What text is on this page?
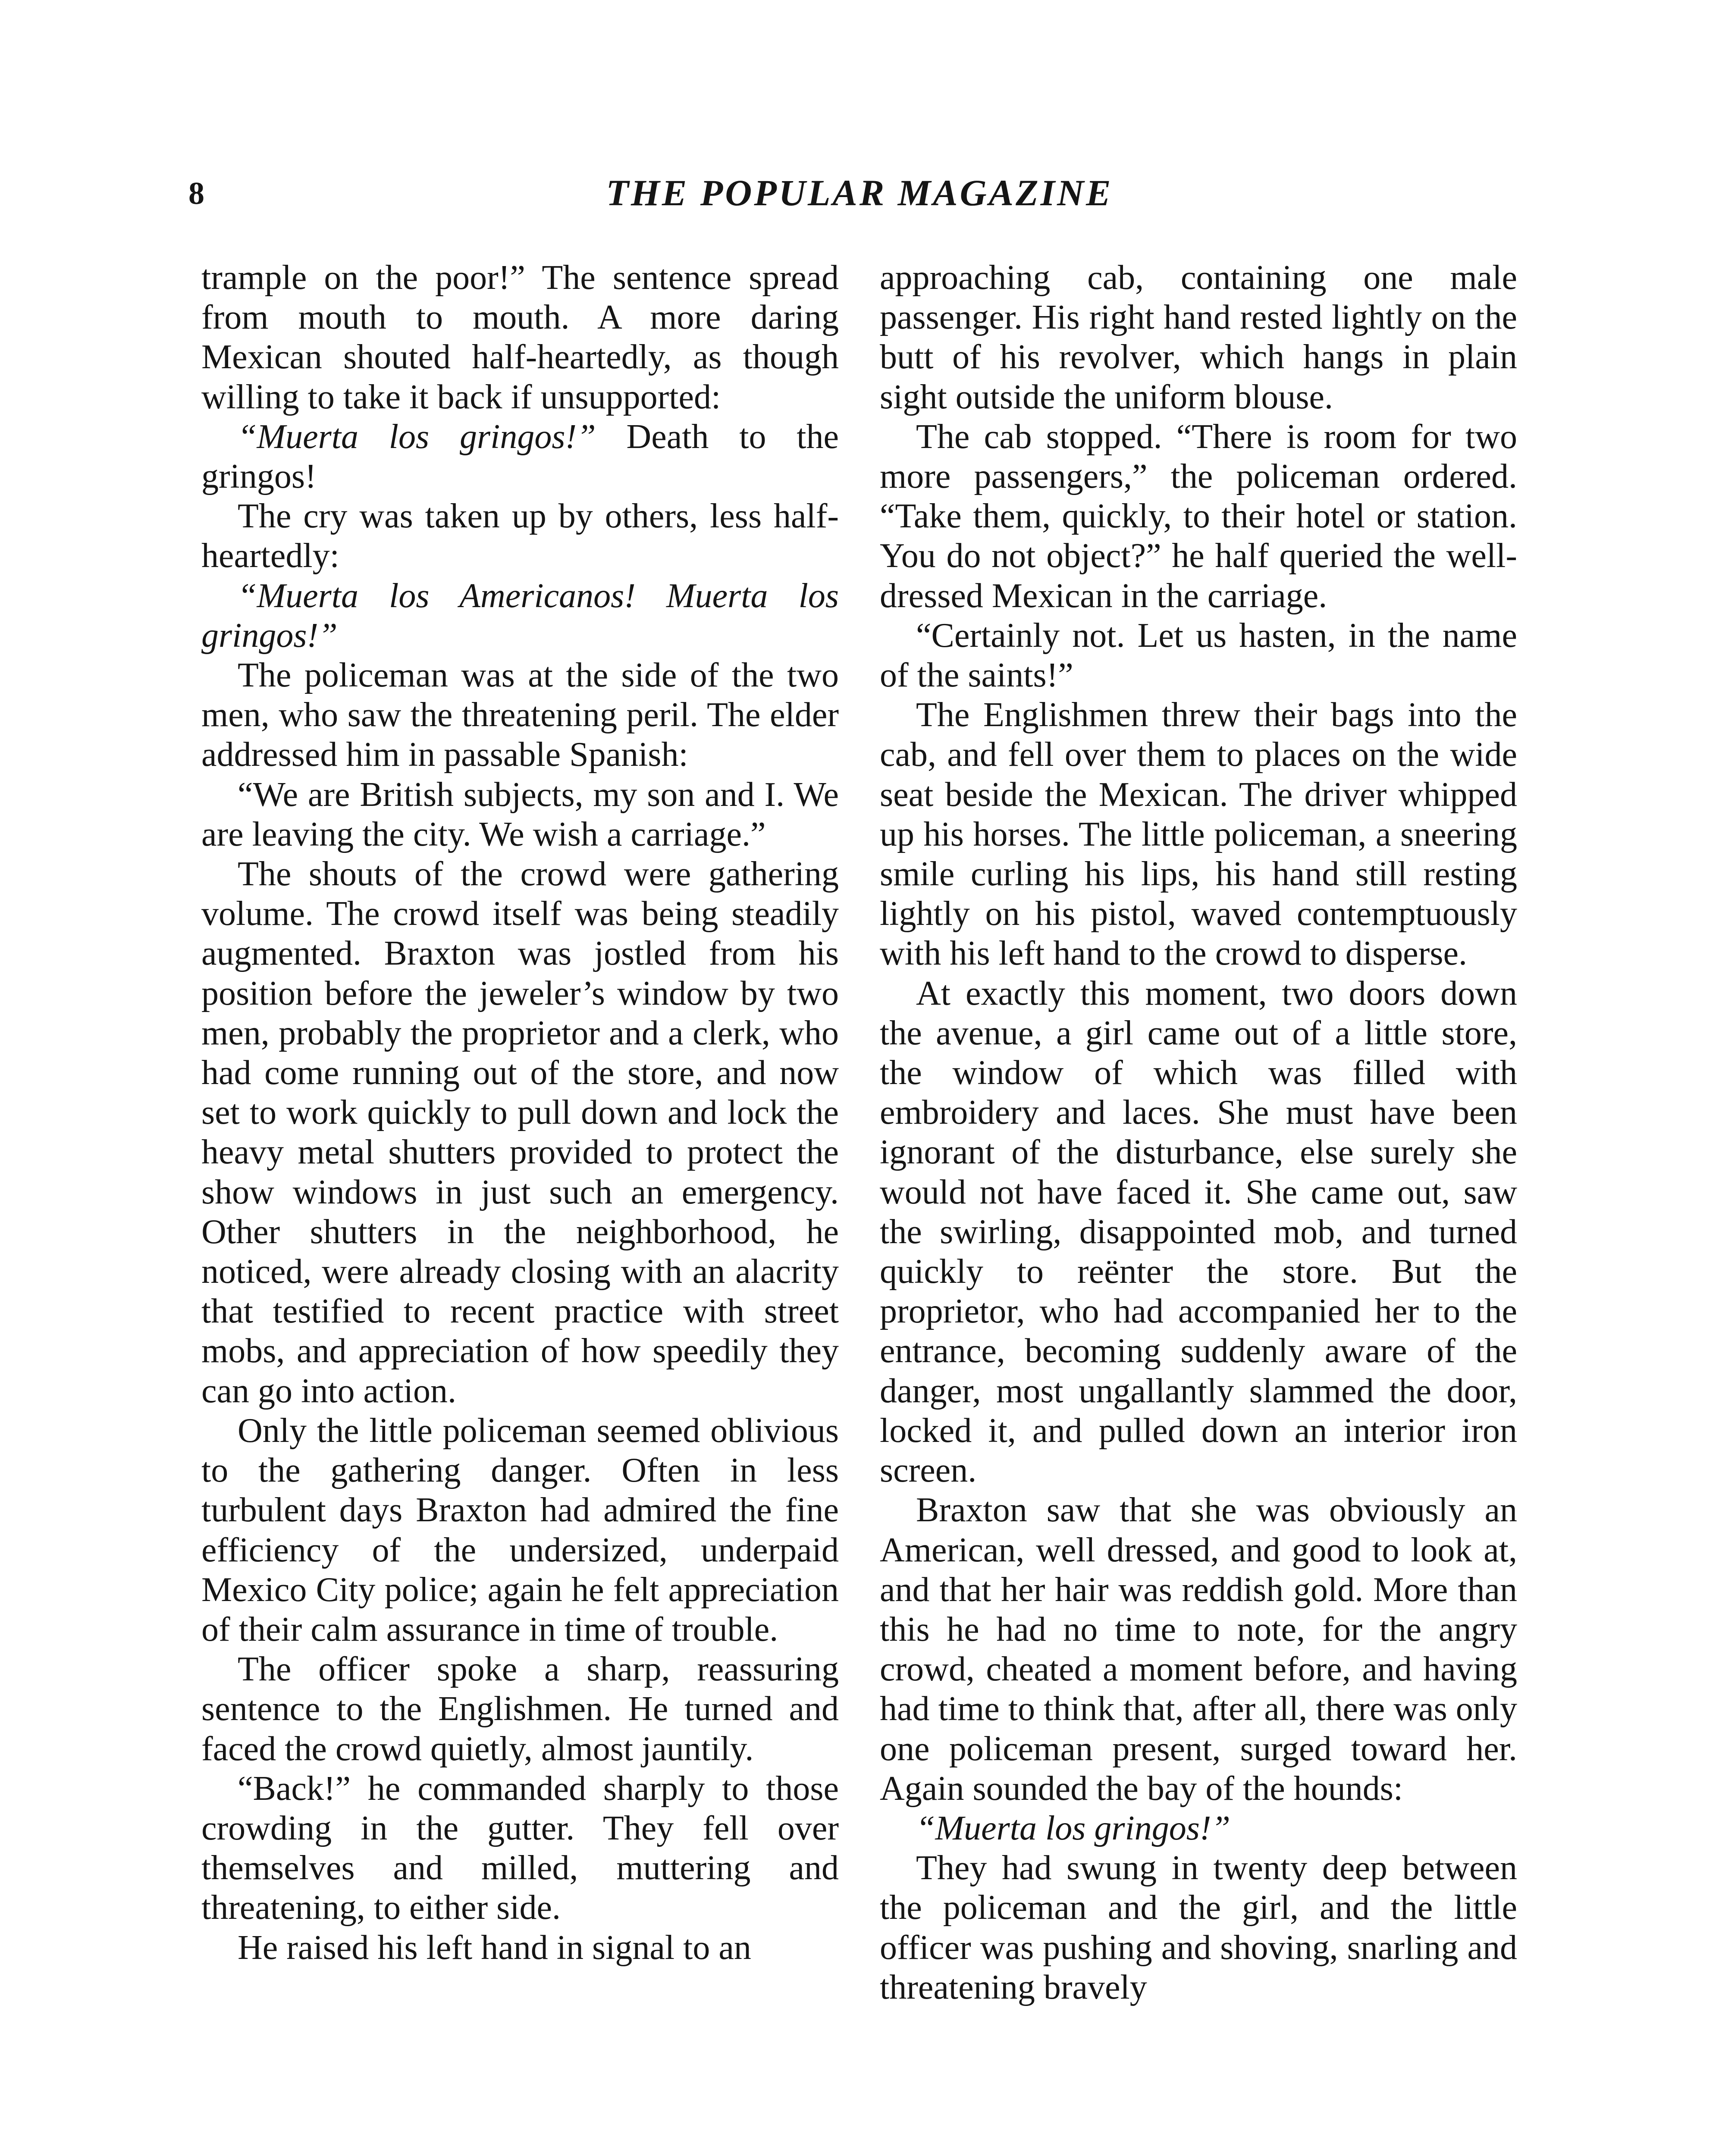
8	THE POPULAR MAGAZINE

trample on the poor!” The sentence spread from mouth to mouth. A more daring Mexican shouted half-heartedly, as though willing to take it back if unsupported:

“Muerta los gringos!” Death to the gringos!

The cry was taken up by others, less half-heartedly:

“Muerta los Americanos! Muerta los gringos!”

The policeman was at the side of the two men, who saw the threatening peril. The elder addressed him in passable Spanish:

“We are British subjects, my son and I. We are leaving the city. We wish a carriage.”

The shouts of the crowd were gathering volume. The crowd itself was being steadily augmented. Braxton was jostled from his position before the jeweler’s window by two men, probably the proprietor and a clerk, who had come running out of the store, and now set to work quickly to pull down and lock the heavy metal shutters provided to protect the show windows in just such an emergency. Other shutters in the neighborhood, he noticed, were already closing with an alacrity that testified to recent practice with street mobs, and appreciation of how speedily they can go into action.

Only the little policeman seemed oblivious to the gathering danger. Often in less turbulent days Braxton had admired the fine efficiency of the undersized, underpaid Mexico City police; again he felt appreciation of their calm assurance in time of trouble.

The officer spoke a sharp, reassuring sentence to the Englishmen. He turned and faced the crowd quietly, almost jauntily.

“Back!” he commanded sharply to those crowding in the gutter. They fell over themselves and milled, muttering and threatening, to either side.

He raised his left hand in signal to an

approaching cab, containing one male passenger. His right hand rested lightly on the butt of his revolver, which hangs in plain sight outside the uniform blouse.

The cab stopped. “There is room for two more passengers,” the policeman ordered. “Take them, quickly, to their hotel or station. You do not object?” he half queried the well-dressed Mexican in the carriage.

“Certainly not. Let us hasten, in the name of the saints!”

The Englishmen threw their bags into the cab, and fell over them to places on the wide seat beside the Mexican. The driver whipped up his horses. The little policeman, a sneering smile curling his lips, his hand still resting lightly on his pistol, waved contemptuously with his left hand to the crowd to disperse.

At exactly this moment, two doors down the avenue, a girl came out of a little store, the window of which was filled with embroidery and laces. She must have been ignorant of the disturbance, else surely she would not have faced it. She came out, saw the swirling, disappointed mob, and turned quickly to reënter the store. But the proprietor, who had accompanied her to the entrance, becoming suddenly aware of the danger, most ungallantly slammed the door, locked it, and pulled down an interior iron screen.

Braxton saw that she was obviously an American, well dressed, and good to look at, and that her hair was reddish gold. More than this he had no time to note, for the angry crowd, cheated a moment before, and having had time to think that, after all, there was only one policeman present, surged toward her. Again sounded the bay of the hounds:

“Muerta los gringos!”

They had swung in twenty deep between the policeman and the girl, and the little officer was pushing and shoving, snarling and threatening bravely
